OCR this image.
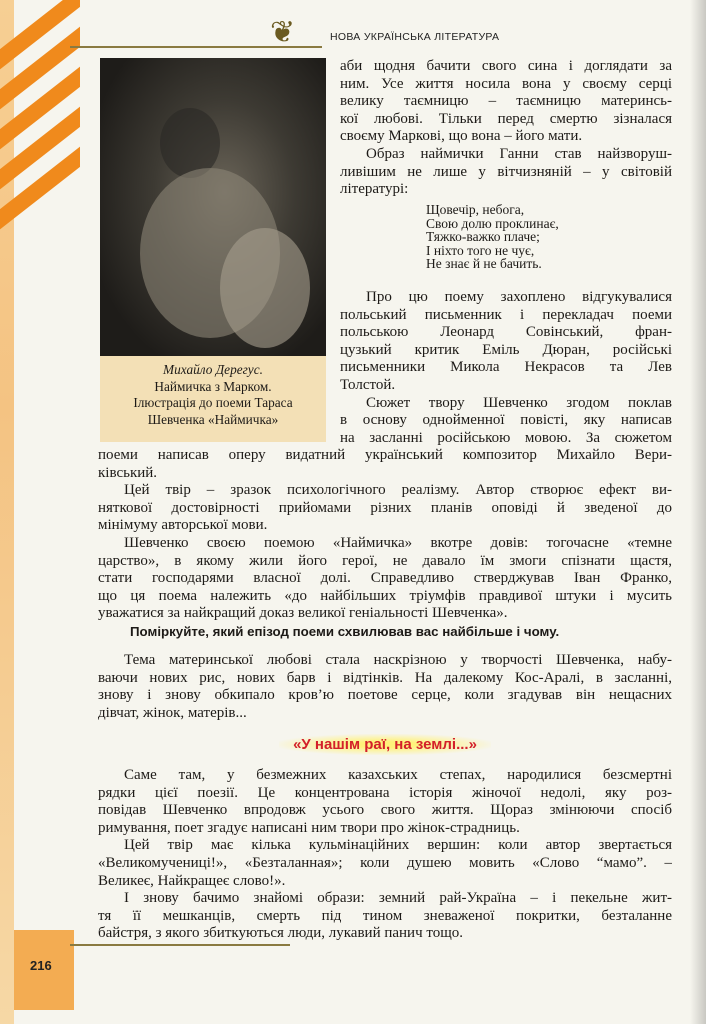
❦	НОВА УКРАЇНСЬКА ЛІТЕРАТУРА
Михайло Дерегус.
Наймичка з Марком.
Ілюстрація до поеми Тараса
Шевченка «Наймичка»
аби щодня бачити свого сина і доглядати за
ним. Усе життя носила вона у своєму серці
велику таємницю – таємницю материнсь-
кої любові. Тільки перед смертю зізналася
своєму Маркові, що вона – його мати.
Образ наймички Ганни став найзворуш-
ливішим не лише у вітчизняній – у світовій
літературі:
Щовечір, небога,
Свою долю проклинає,
Тяжко-важко плаче;
І ніхто того не чує,
Не знає й не бачить.
Про цю поему захоплено відгукувалися
польський письменник і перекладач поеми
польською Леонард Совінський, фран-
цузький критик Еміль Дюран, російські
письменники Микола Некрасов та Лев
Толстой.
Сюжет твору Шевченко згодом поклав
в основу однойменної повісті, яку написав
на засланні російською мовою. За сюжетом
поеми написав оперу видатний український композитор Михайло Вери-
ківський.
Цей твір – зразок психологічного реалізму. Автор створює ефект ви-
няткової достовірності прийомами різних планів оповіді й зведеної до
мінімуму авторської мови.
Шевченко своєю поемою «Наймичка» вкотре довів: тогочасне «темне
царство», в якому жили його герої, не давало їм змоги спізнати щастя,
стати господарями власної долі. Справедливо стверджував Іван Франко,
що ця поема належить «до найбільших тріумфів правдивої штуки і мусить
уважатися за найкращий доказ великої геніальності Шевченка».
Поміркуйте, який епізод поеми схвилював вас найбільше і чому.
Тема материнської любові стала наскрізною у творчості Шевченка, набу-
ваючи нових рис, нових барв і відтінків. На далекому Кос-Аралі, в засланні,
знову і знову обкипало кров’ю поетове серце, коли згадував він нещасних
дівчат, жінок, матерів...
«У нашім раї, на землі...»
Саме там, у безмежних казахських степах, народилися безсмертні
рядки цієї поезії. Це концентрована історія жіночої недолі, яку роз-
повідав Шевченко впродовж усього свого життя. Щораз змінюючи спосіб
римування, поет згадує написані ним твори про жінок-страдниць.
Цей твір має кілька кульмінаційних вершин: коли автор звертається
«Великомучениці!», «Безталанная»; коли душею мовить «Слово “мамо”. –
Великеє, Найкращеє слово!».
І знову бачимо знайомі образи: земний рай-Україна – і пекельне жит-
тя її мешканців, смерть під тином зневаженої покритки, безталанне
байстря, з якого збиткуються люди, лукавий панич тощо.
216
